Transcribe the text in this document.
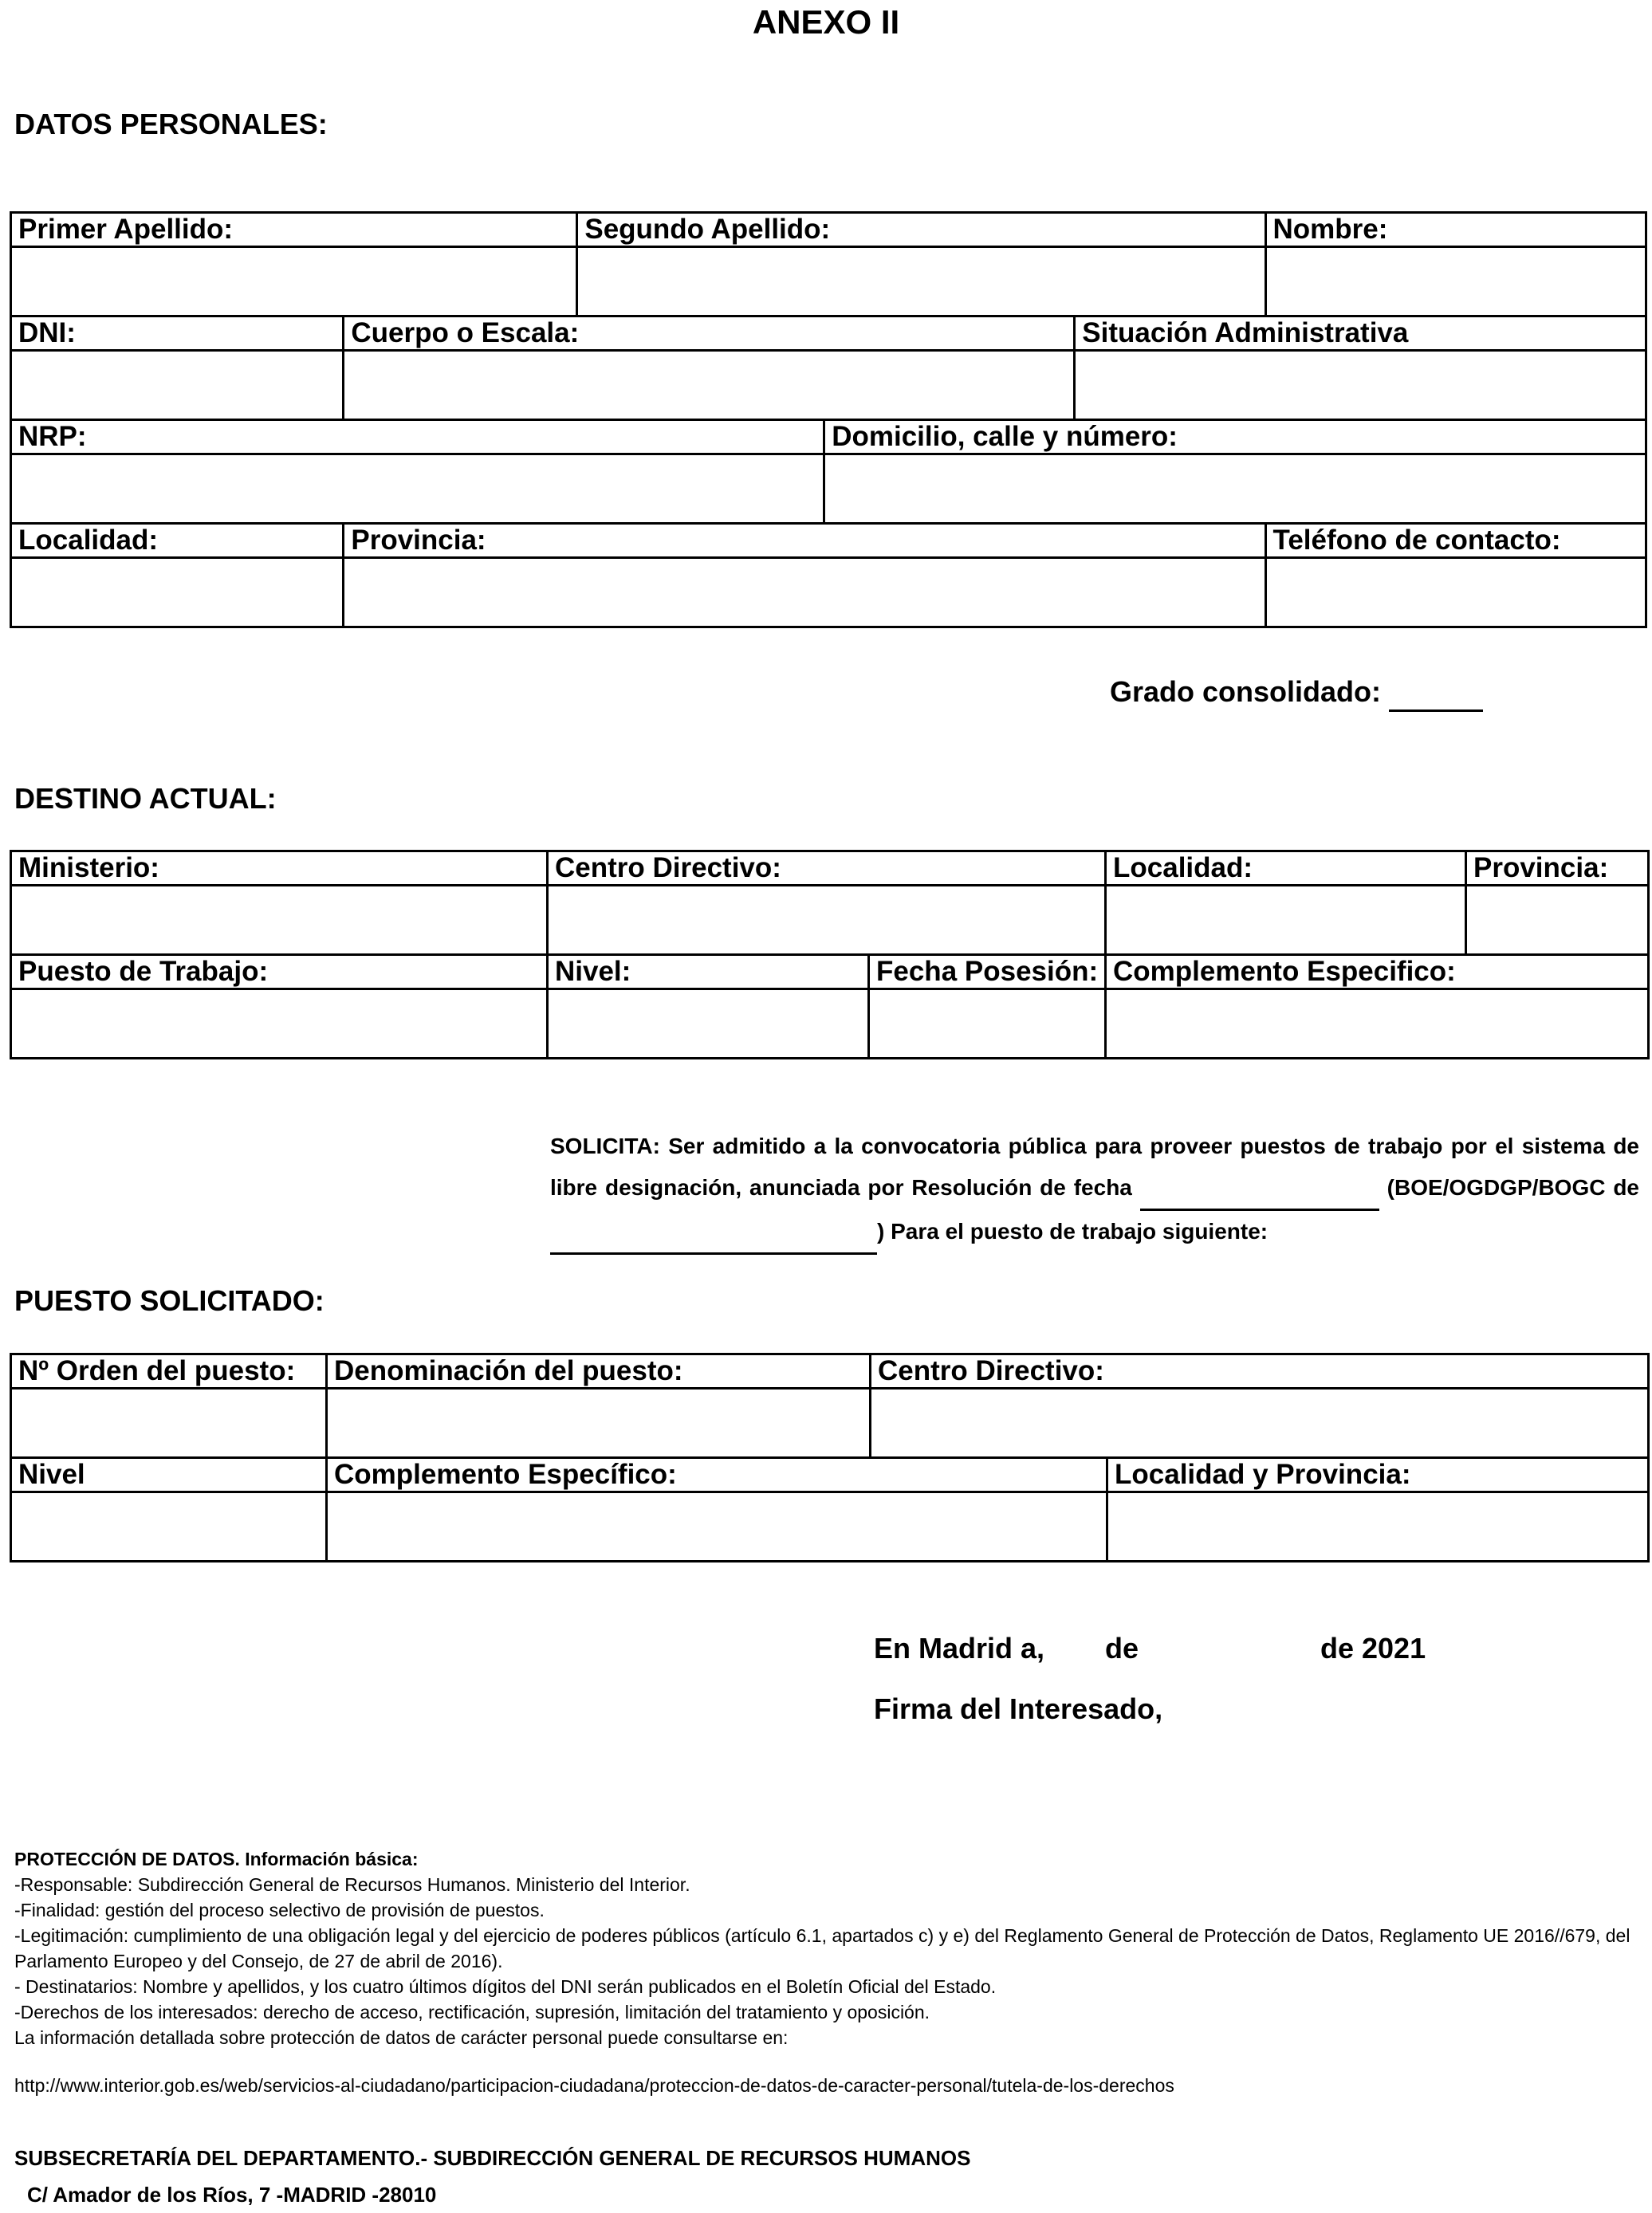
ANEXO II
DATOS PERSONALES:
Primer Apellido:		Segundo Apellido:			Nombre:

DNI:	Cuerpo o Escala:			Situación Administrativa	

NRP:			Domicilio, calle y número:		

Localidad:	Provincia:				Teléfono de contacto:

Grado consolidado:
DESTINO ACTUAL:
Ministerio:	Centro Directivo:		Localidad:	Provincia:

Puesto de Trabajo:	Nivel:	Fecha Posesión:	Complemento Especifico:	

SOLICITA: Ser admitido a la convocatoria pública para proveer puestos de trabajo por el sistema de libre designación, anunciada por Resolución de fecha	(BOE/OGDGP/BOGC de  ) Para el puesto de trabajo siguiente:
PUESTO SOLICITADO:
Nº Orden del puesto:	Denominación del puesto:	Centro Directivo:	

Nivel	Complemento Específico:		Localidad y Provincia:

En Madrid a, de	de 2021
Firma del Interesado,
PROTECCIÓN DE DATOS. Información básica:
-Responsable: Subdirección General de Recursos Humanos. Ministerio del Interior.
-Finalidad: gestión del proceso selectivo de provisión de puestos.
-Legitimación: cumplimiento de una obligación legal y del ejercicio de poderes públicos (artículo 6.1, apartados c) y e) del Reglamento General de Protección de Datos, Reglamento UE 2016//679, del Parlamento Europeo y del Consejo, de 27 de abril de 2016).
- Destinatarios: Nombre y apellidos, y los cuatro últimos dígitos del DNI serán publicados en el Boletín Oficial del Estado.
-Derechos de los interesados: derecho de acceso, rectificación, supresión, limitación del tratamiento y oposición.
La información detallada sobre protección de datos de carácter personal puede consultarse en:
http://www.interior.gob.es/web/servicios-al-ciudadano/participacion-ciudadana/proteccion-de-datos-de-caracter-personal/tutela-de-los-derechos
SUBSECRETARÍA DEL DEPARTAMENTO.- SUBDIRECCIÓN GENERAL DE RECURSOS HUMANOS
C/ Amador de los Ríos, 7 -MADRID -28010
